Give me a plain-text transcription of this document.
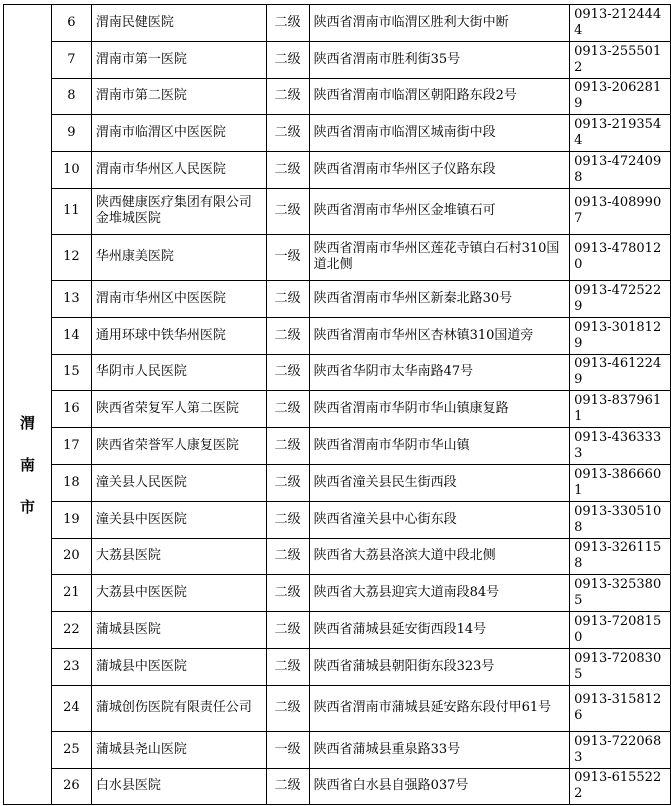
渭
南
市	6	渭南民健医院	二级	陕西省渭南市临渭区胜利大街中断	0913-2124444
	7	渭南市第一医院	二级	陕西省渭南市胜利街35号	0913-2555012
	8	渭南市第二医院	二级	陕西省渭南市临渭区朝阳路东段2号	0913-2062819
	9	渭南市临渭区中医医院	二级	陕西省渭南市临渭区城南街中段	0913-2193544
	10	渭南市华州区人民医院	二级	陕西省渭南市华州区子仪路东段	0913-4724098
	11	陕西健康医疗集团有限公司金堆城医院	二级	陕西省渭南市华州区金堆镇石可	0913-4089907
	12	华州康美医院	一级	陕西省渭南市华州区莲花寺镇白石村310国道北侧	0913-4780120
	13	渭南市华州区中医医院	二级	陕西省渭南市华州区新秦北路30号	0913-4725229
	14	通用环球中铁华州医院	二级	陕西省渭南市华州区杏林镇310国道旁	0913-3018129
	15	华阴市人民医院	二级	陕西省华阴市太华南路47号	0913-4612249
	16	陕西省荣复军人第二医院	二级	陕西省渭南市华阴市华山镇康复路	0913-8379611
	17	陕西省荣誉军人康复医院	二级	陕西省渭南市华阴市华山镇	0913-4363333
	18	潼关县人民医院	二级	陕西省潼关县民生街西段	0913-3866601
	19	潼关县中医医院	二级	陕西省潼关县中心街东段	0913-3305108
	20	大荔县医院	二级	陕西省大荔县洛滨大道中段北侧	0913-3261158
	21	大荔县中医医院	二级	陕西省大荔县迎宾大道南段84号	0913-3253805
	22	蒲城县医院	二级	陕西省蒲城县延安街西段14号	0913-7208150
	23	蒲城县中医医院	二级	陕西省蒲城县朝阳街东段323号	0913-7208305
	24	蒲城创伤医院有限责任公司	二级	陕西省渭南市蒲城县延安路东段付甲61号	0913-3158126
	25	蒲城县尧山医院	一级	陕西省蒲城县重泉路33号	0913-7220683
	26	白水县医院	二级	陕西省白水县自强路037号	0913-6155222
